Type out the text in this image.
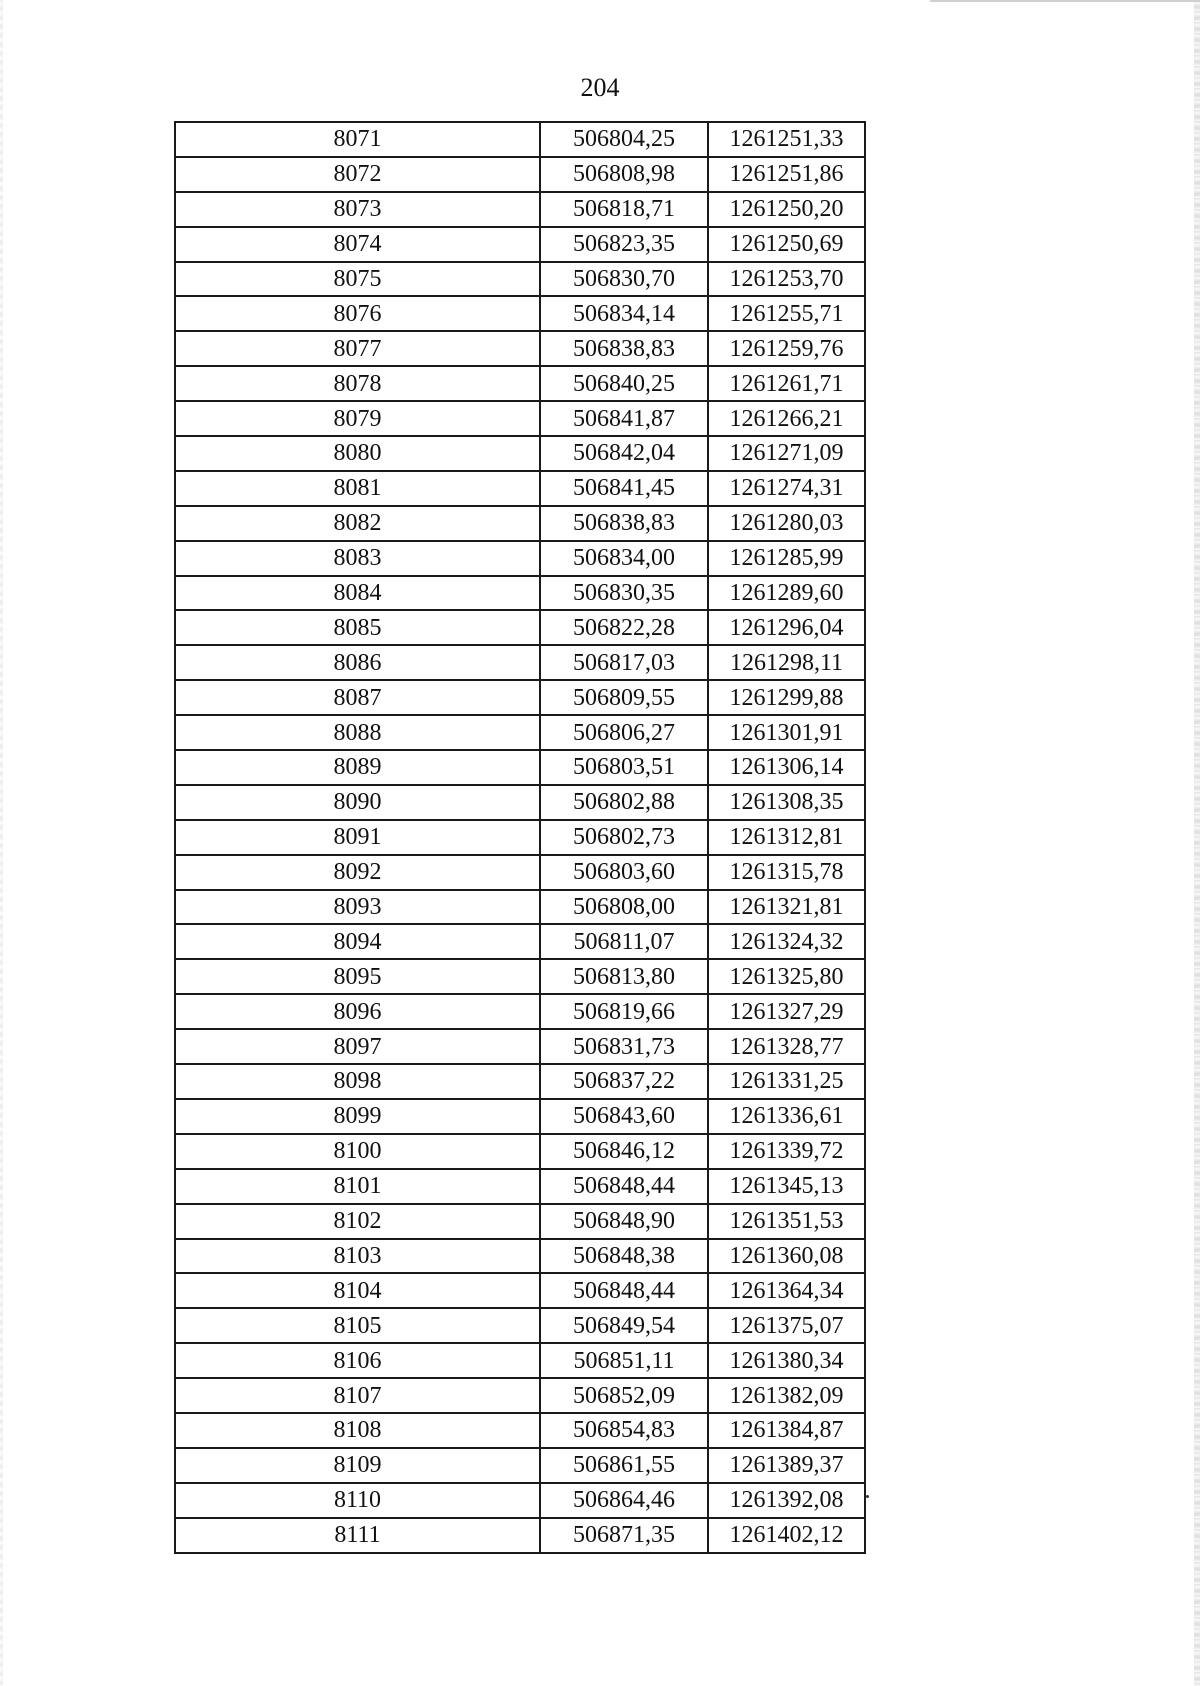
204
8071	506804,25	1261251,33
8072	506808,98	1261251,86
8073	506818,71	1261250,20
8074	506823,35	1261250,69
8075	506830,70	1261253,70
8076	506834,14	1261255,71
8077	506838,83	1261259,76
8078	506840,25	1261261,71
8079	506841,87	1261266,21
8080	506842,04	1261271,09
8081	506841,45	1261274,31
8082	506838,83	1261280,03
8083	506834,00	1261285,99
8084	506830,35	1261289,60
8085	506822,28	1261296,04
8086	506817,03	1261298,11
8087	506809,55	1261299,88
8088	506806,27	1261301,91
8089	506803,51	1261306,14
8090	506802,88	1261308,35
8091	506802,73	1261312,81
8092	506803,60	1261315,78
8093	506808,00	1261321,81
8094	506811,07	1261324,32
8095	506813,80	1261325,80
8096	506819,66	1261327,29
8097	506831,73	1261328,77
8098	506837,22	1261331,25
8099	506843,60	1261336,61
8100	506846,12	1261339,72
8101	506848,44	1261345,13
8102	506848,90	1261351,53
8103	506848,38	1261360,08
8104	506848,44	1261364,34
8105	506849,54	1261375,07
8106	506851,11	1261380,34
8107	506852,09	1261382,09
8108	506854,83	1261384,87
8109	506861,55	1261389,37
8110	506864,46	1261392,08
8111	506871,35	1261402,12
